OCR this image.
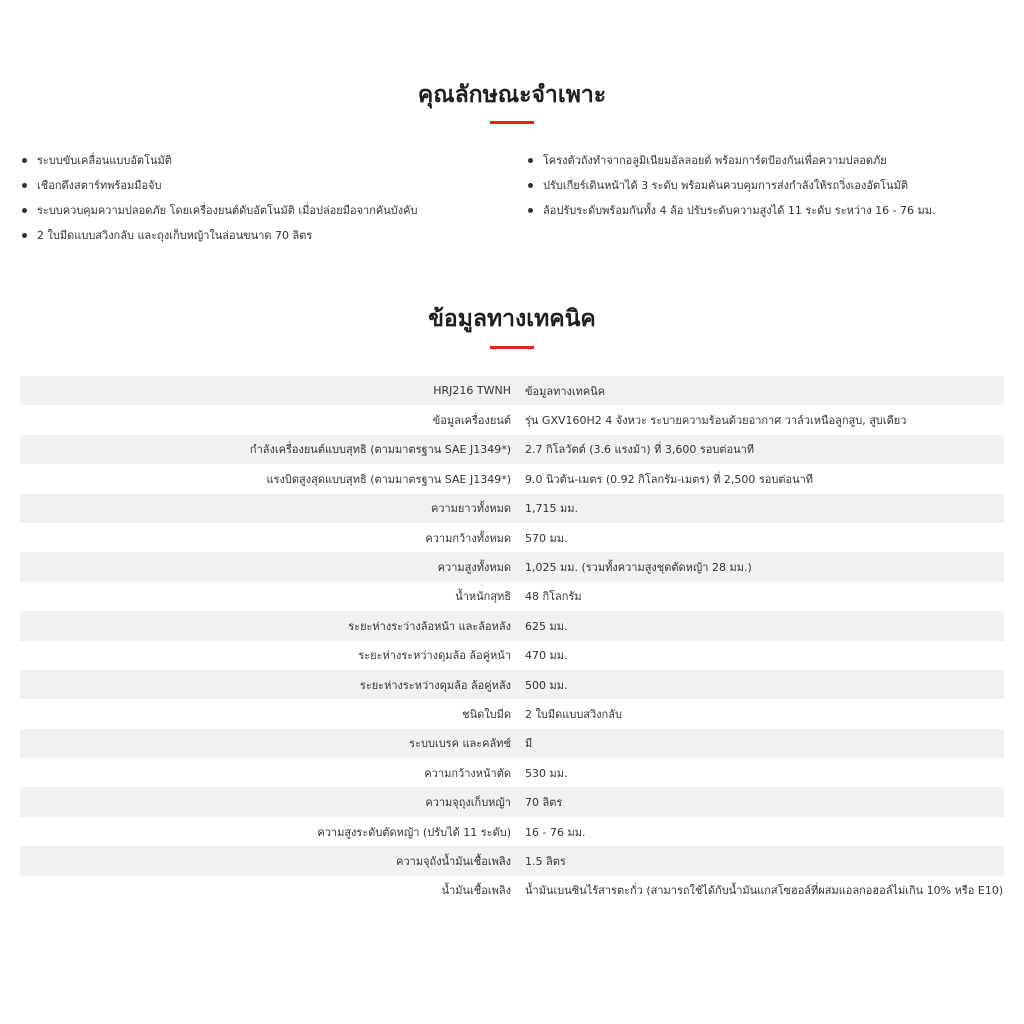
คุณลักษณะจำเพาะ
ระบบขับเคลื่อนแบบอัตโนมัติ
เชือกดึงสตาร์ทพร้อมมือจับ
ระบบควบคุมความปลอดภัย โดยเครื่องยนต์ดับอัตโนมัติ เมื่อปล่อยมือจากคันบังคับ
2 ใบมีดแบบสวิงกลับ และถุงเก็บหญ้าในล่อนขนาด 70 ลิตร
โครงตัวถังทำจากอลูมิเนียมอัลลอยด์ พร้อมการ์ดป้องกันเพื่อความปลอดภัย
ปรับเกียร์เดินหน้าได้ 3 ระดับ พร้อมคันควบคุมการส่งกำลังให้รถวิ่งเองอัตโนมัติ
ล้อปรับระดับพร้อมกันทั้ง 4 ล้อ ปรับระดับความสูงได้ 11 ระดับ ระหว่าง 16 - 76 มม.
ข้อมูลทางเทคนิค
HRJ216 TWNH	ข้อมูลทางเทคนิค
ข้อมูลเครื่องยนต์	รุ่น GXV160H2 4 จังหวะ ระบายความร้อนด้วยอากาศ วาล์วเหนือลูกสูบ, สูบเดียว
กำลังเครื่องยนต์แบบสุทธิ (ตามมาตรฐาน SAE J1349*)	2.7 กิโลวัตต์ (3.6 แรงม้า) ที่ 3,600 รอบต่อนาที
แรงบิดสูงสุดแบบสุทธิ (ตามมาตรฐาน SAE J1349*)	9.0 นิวตัน-เมตร (0.92 กิโลกรัม-เมตร) ที่ 2,500 รอบต่อนาที
ความยาวทั้งหมด	1,715 มม.
ความกว้างทั้งหมด	570 มม.
ความสูงทั้งหมด	1,025 มม. (รวมทั้งความสูงชุดตัดหญ้า 28 มม.)
น้ำหนักสุทธิ	48 กิโลกรัม
ระยะห่างระว่างล้อหน้า และล้อหลัง	625 มม.
ระยะห่างระหว่างดุมล้อ ล้อคู่หน้า	470 มม.
ระยะห่างระหว่างดุมล้อ ล้อคู่หลัง	500 มม.
ชนิดใบมีด	2 ใบมีดแบบสวิงกลับ
ระบบเบรค และคลัทช์	มี
ความกว้างหน้าตัด	530 มม.
ความจุถุงเก็บหญ้า	70 ลิตร
ความสูงระดับตัดหญ้า (ปรับได้ 11 ระดับ)	16 - 76 มม.
ความจุถังน้ำมันเชื้อเพลิง	1.5 ลิตร
น้ำมันเชื้อเพลิง	น้ำมันเบนซินไร้สารตะกั่ว (สามารถใช้ได้กับน้ำมันแกสโซฮอล์ที่ผสมแอลกอฮอล์ไม่เกิน 10% หรือ E10)
